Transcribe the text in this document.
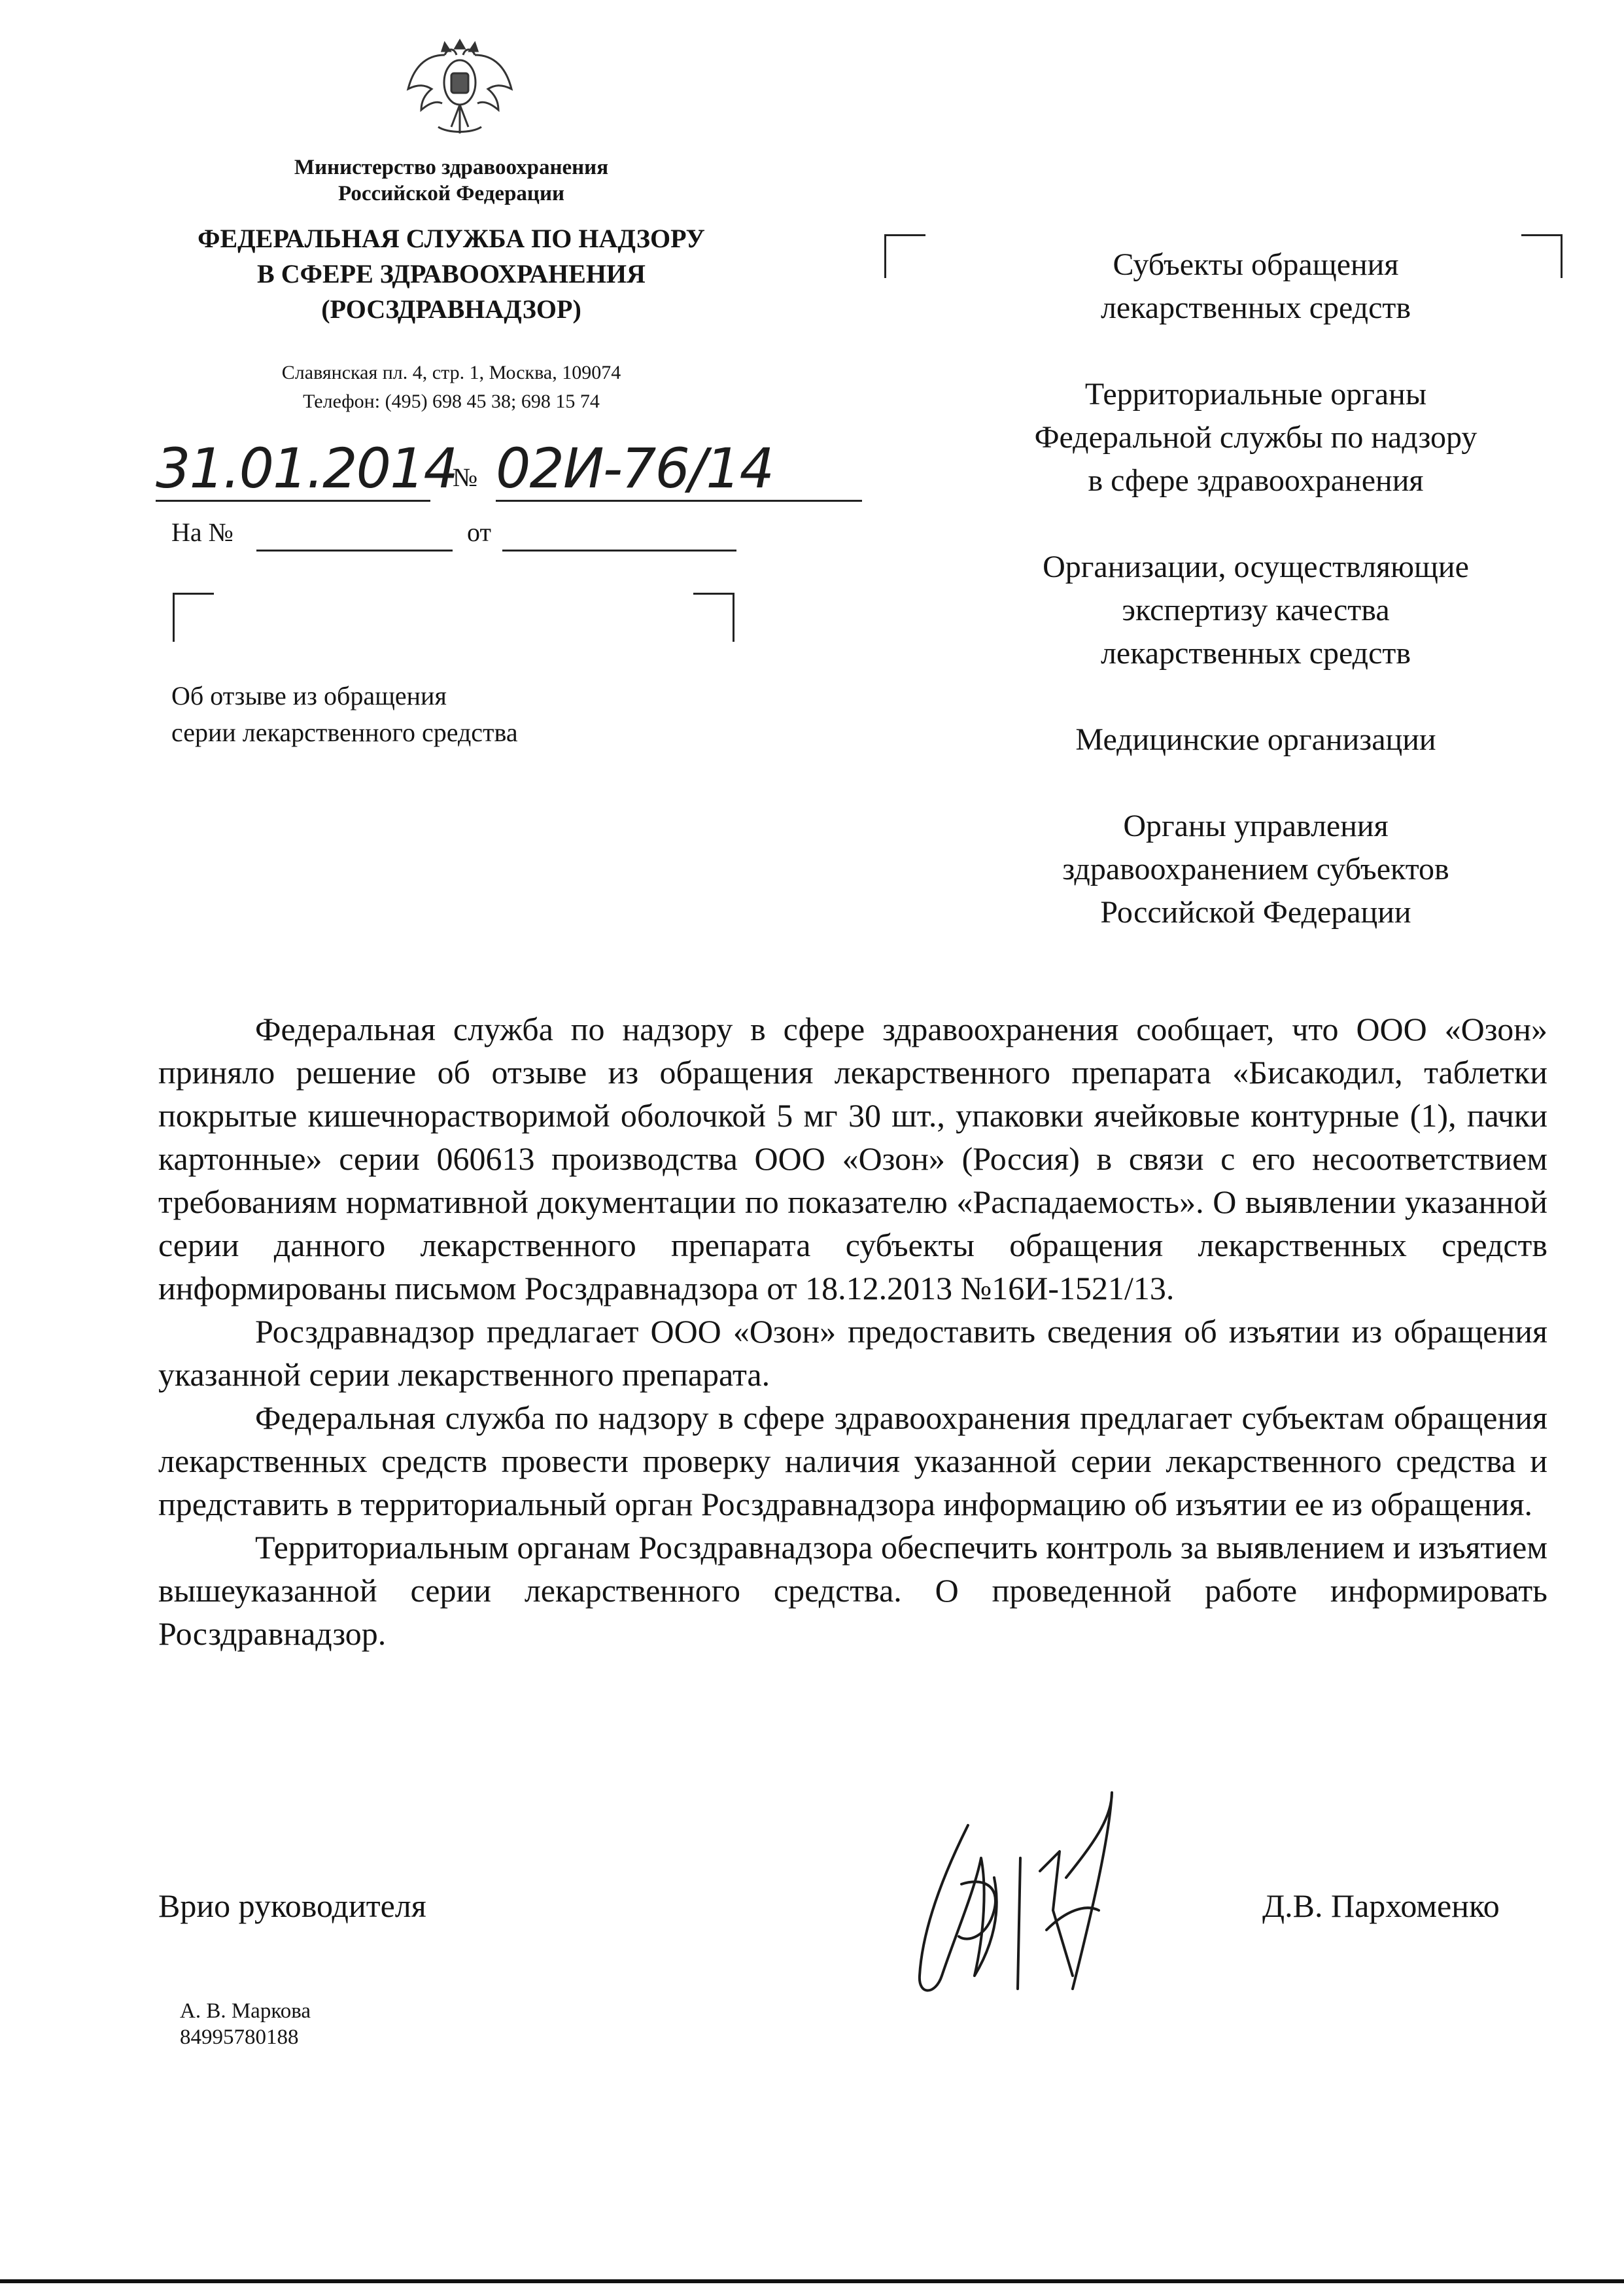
Министерство здравоохранения
Российской Федерации
ФЕДЕРАЛЬНАЯ СЛУЖБА ПО НАДЗОРУ
В СФЕРЕ ЗДРАВООХРАНЕНИЯ
(РОСЗДРАВНАДЗОР)
Славянская пл. 4, стр. 1, Москва, 109074
Телефон: (495) 698 45 38; 698 15 74
31.01.2014
№ 02И-76/14
На №	от
Об отзыве из обращения
серии лекарственного средства
Субъекты обращения
лекарственных средств
Территориальные органы
Федеральной службы по надзору
в сфере здравоохранения
Организации, осуществляющие
экспертизу качества
лекарственных средств
Медицинские организации
Органы управления
здравоохранением субъектов
Российской Федерации

Федеральная служба по надзору в сфере здравоохранения сообщает, что ООО «Озон» приняло решение об отзыве из обращения лекарственного препарата «Бисакодил, таблетки покрытые кишечнорастворимой оболочкой 5 мг 30 шт., упаковки ячейковые контурные (1), пачки картонные» серии 060613 производства ООО «Озон» (Россия) в связи с его несоответствием требованиям нормативной документации по показателю «Распадаемость». О выявлении указанной серии данного лекарственного препарата субъекты обращения лекарственных средств информированы письмом Росздравнадзора от 18.12.2013 №16И-1521/13.

Росздравнадзор предлагает ООО «Озон» предоставить сведения об изъятии из обращения указанной серии лекарственного препарата.

Федеральная служба по надзору в сфере здравоохранения предлагает субъектам обращения лекарственных средств провести проверку наличия указанной серии лекарственного средства и представить в территориальный орган Росздравнадзора информацию об изъятии ее из обращения.

Территориальным органам Росздравнадзора обеспечить контроль за выявлением и изъятием вышеуказанной серии лекарственного средства. О проведенной работе информировать Росздравнадзор.

Врио руководителя	Д.В. Пархоменко
А. В. Маркова
84995780188
